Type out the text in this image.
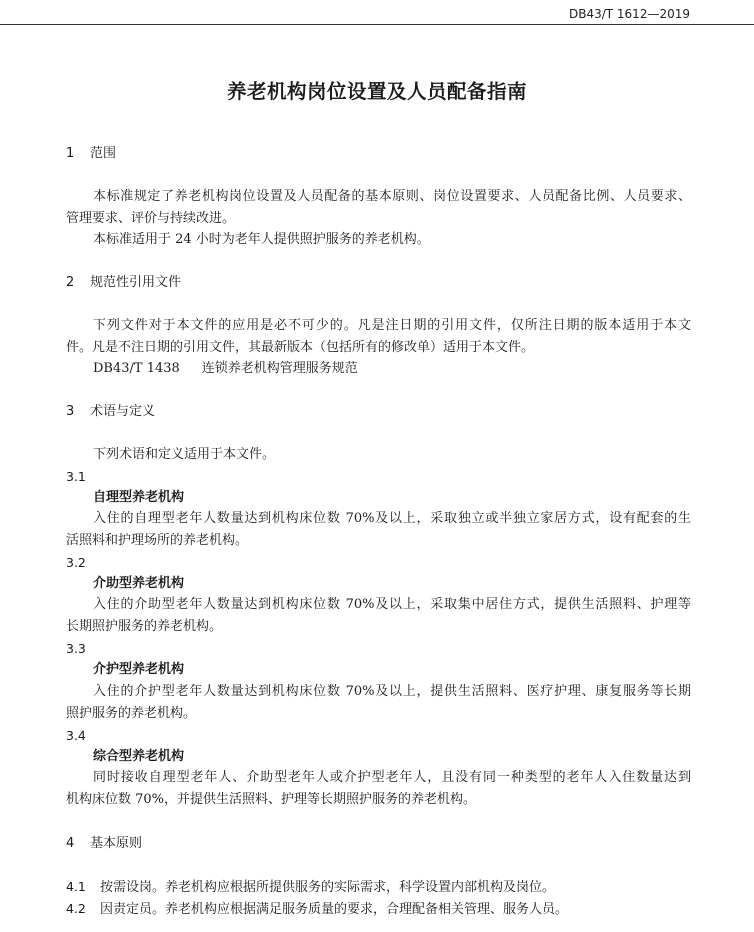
DB43/T 1612—2019
养老机构岗位设置及人员配备指南
1 范围
本标准规定了养老机构岗位设置及人员配备的基本原则、岗位设置要求、人员配备比例、人员要求、
管理要求、评价与持续改进。
本标准适用于 24 小时为老年人提供照护服务的养老机构。
2 规范性引用文件
下列文件对于本文件的应用是必不可少的。凡是注日期的引用文件，仅所注日期的版本适用于本文
件。凡是不注日期的引用文件，其最新版本（包括所有的修改单）适用于本文件。
DB43/T 1438 连锁养老机构管理服务规范
3 术语与定义
下列术语和定义适用于本文件。
3.1
自理型养老机构
入住的自理型老年人数量达到机构床位数 70%及以上，采取独立或半独立家居方式，设有配套的生
活照料和护理场所的养老机构。
3.2
介助型养老机构
入住的介助型老年人数量达到机构床位数 70%及以上，采取集中居住方式，提供生活照料、护理等
长期照护服务的养老机构。
3.3
介护型养老机构
入住的介护型老年人数量达到机构床位数 70%及以上，提供生活照料、医疗护理、康复服务等长期
照护服务的养老机构。
3.4
综合型养老机构
同时接收自理型老年人、介助型老年人或介护型老年人，且没有同一种类型的老年人入住数量达到
机构床位数 70%，并提供生活照料、护理等长期照护服务的养老机构。
4 基本原则
4.1 按需设岗。养老机构应根据所提供服务的实际需求，科学设置内部机构及岗位。
4.2 因责定员。养老机构应根据满足服务质量的要求，合理配备相关管理、服务人员。
